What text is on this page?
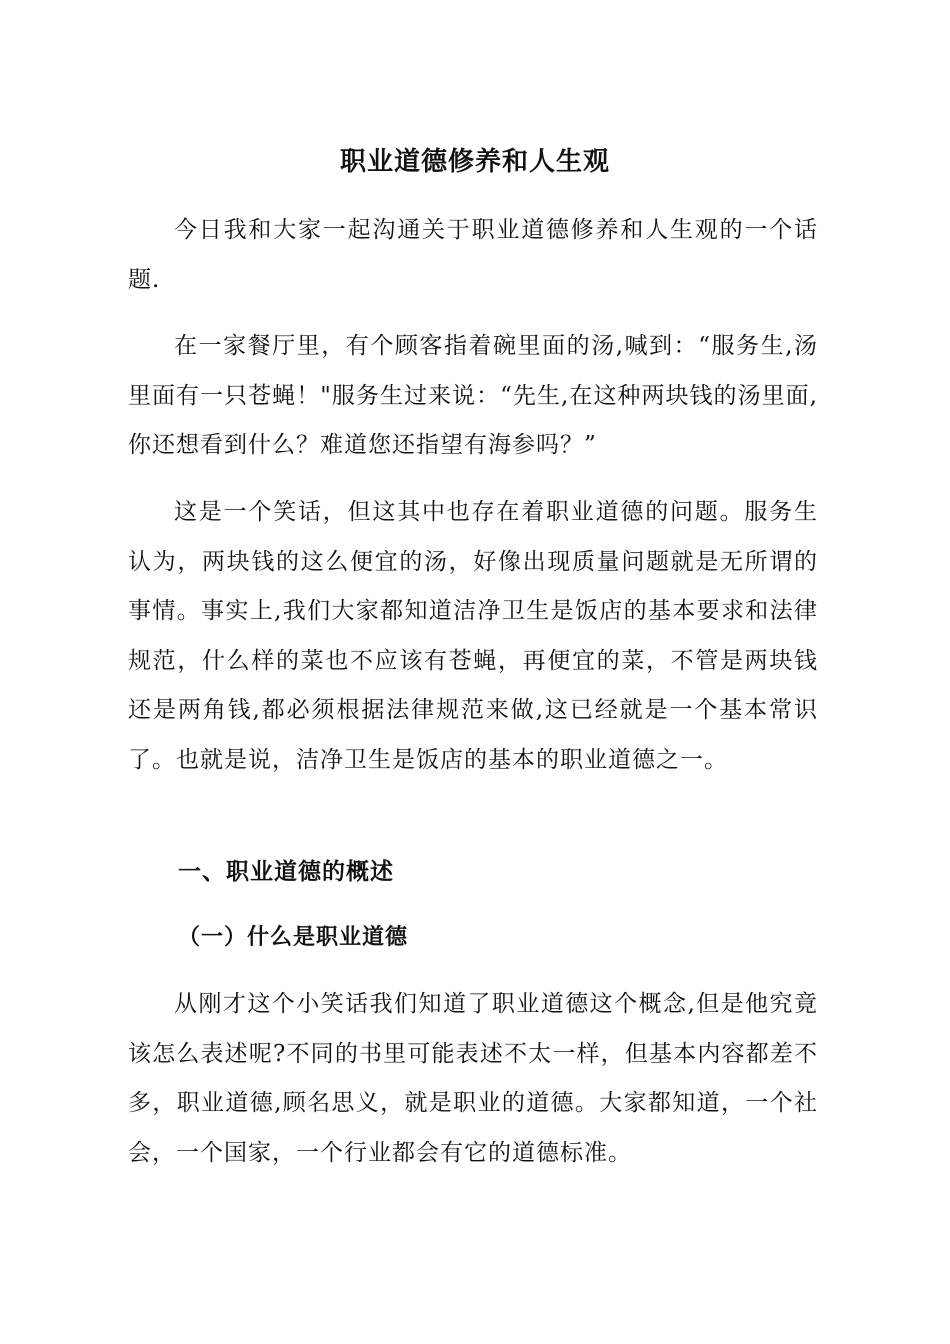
职业道德修养和人生观

今日我和大家一起沟通关于职业道德修养和人生观的一个话题.

在一家餐厅里，有个顾客指着碗里面的汤,喊到：“服务生,汤里面有一只苍蝇！"服务生过来说：“先生,在这种两块钱的汤里面,你还想看到什么？难道您还指望有海参吗？”

这是一个笑话，但这其中也存在着职业道德的问题。服务生认为，两块钱的这么便宜的汤，好像出现质量问题就是无所谓的事情。事实上,我们大家都知道洁净卫生是饭店的基本要求和法律规范，什么样的菜也不应该有苍蝇，再便宜的菜，不管是两块钱还是两角钱,都必须根据法律规范来做,这已经就是一个基本常识了。也就是说，洁净卫生是饭店的基本的职业道德之一。

一、职业道德的概述
（一）什么是职业道德

从刚才这个小笑话我们知道了职业道德这个概念,但是他究竟该怎么表述呢?不同的书里可能表述不太一样，但基本内容都差不多，职业道德,顾名思义，就是职业的道德。大家都知道，一个社会，一个国家，一个行业都会有它的道德标准。
